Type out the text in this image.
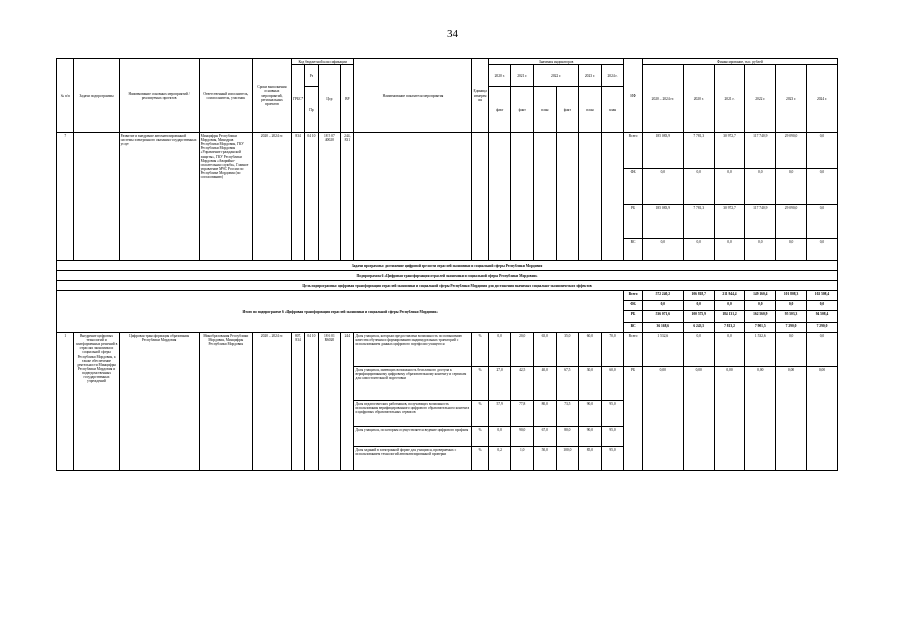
34
№ п/п	Задачи подпрограммы	Наименование основных мероприятий / реализуемых проектов	Ответственный исполнитель, соисполнитель, участник	Сроки выполнения основных мероприятий, региональных проектов	Код бюджетной классификации				Наименование показателя мероприятия	Единица измерения	Значения индикаторов						ИФ	Финансирование, тыс. рублей					
					ГРБС*	Рз	Цср	ВР			2020 г.	2021 г.	2022 г.		2023 г.	2024 г.		2020 – 2024 гг.	2020 г.	2021 г.	2022 г.	2023 г.	2024 г.
						Пр					факт	факт	план	факт	план	план							
7		Развитие и внедрение автоматизированной системы электронного оказания государственных услуг	Минцифры Республики Мордовия, Минздрав Республики Мордовия, ГКУ Республики Мордовия «Управление гражданской защиты», ГКУ Республики Мордовия «Аварийно-спасательная служба», Главное управление МЧС России по Республике Мордовия (по согласованию)	2020 – 2024 гг.	834	04 10	18 5 07 40020	244, 831									Всего	185 083,9	7 781,3	30 972,7	117 740,9	29 090,0	0,0
																	ФБ	0,0	0,0	0,0	0,0	0,0	0,0
																	РБ	185 083,9	7 781,3	30 972,7	117 740,9	29 090,0	0,0
																	ВС	0,0	0,0	0,0	0,0	0,0	0,0
Задачи программы: достижение цифровой зрелости отраслей экономики и социальной сферы Республики Мордовия																							
Подпрограмма 6 «Цифровая трансформация отраслей экономики и социальной сферы Республики Мордовия»																							
Цель подпрограммы: цифровая трансформация отраслей экономики и социальной сферы Республики Мордовия для достижения значимых социально-экономических эффектов																							
Итого по подпрограмме 6 «Цифровая трансформация отраслей экономики и социальной сферы Республики Мордовия»																	Всего	572 240,2	106 818,7	211 944,4	149 160,4	101 808,3	102 508,4
																	ФБ	0,0	0,0	0,0	0,0	0,0	0,0
																	РБ	536 071,6	100 575,9	184 131,2	162 560,9	95 503,3	94 508,4
																	ВС	36 168,6	6 243,5	7 813,2	7 901,5	7 290,0	7 290,0
1	Внедрение цифровых технологий и платформенных решений в отраслях экономики и социальной сферы Республики Мордовия, а также обеспечение деятельности Минцифры Республики Мордовия и подведомственных государственных учреждений	Цифровая трансформация образования Республики Мордовия	Минобразования Республики Мордовия, Минцифры Республики Мордовия	2020 – 2024 гг.	807, 834	04 10	18 6 01 R6020	244	Доля учащихся, которым предоставлена возможность по повышению качества обучения и формированию индивидуальных траекторий с использованием данных цифрового портфолио учащегося	%	0,0	20,0	65,0	35,0	60,0	70,0	Всего	1 532,6	0,0	0,0	1 532,6	0,0	0,0
									Доля учащихся, имеющих возможность бесплатного доступа к верифицированному цифровому образовательному контенту и сервисам для самостоятельной подготовки	%	27,0	42,5	40,0	67,5	30,0	60,0	РБ	0,00	0,00	0,00	0,00	0,00	0,00
									Доля педагогических работников, получающих возможность использования верифицированного цифрового образовательного контента и цифровых образовательных сервисов	%	57,9	77,8	80,0	73,5	90,0	95,0							
									Доля учащихся, по которым осуществляется ведение цифрового профиля	%	0,0	90,0	67,0	80,0	90,0	95,0							
									Доля заданий в электронной форме для учащихся, проверяемых с использованием технологий автоматизированной проверки	%	0,2	1,0	50,0	100,0	85,0	95,0							
